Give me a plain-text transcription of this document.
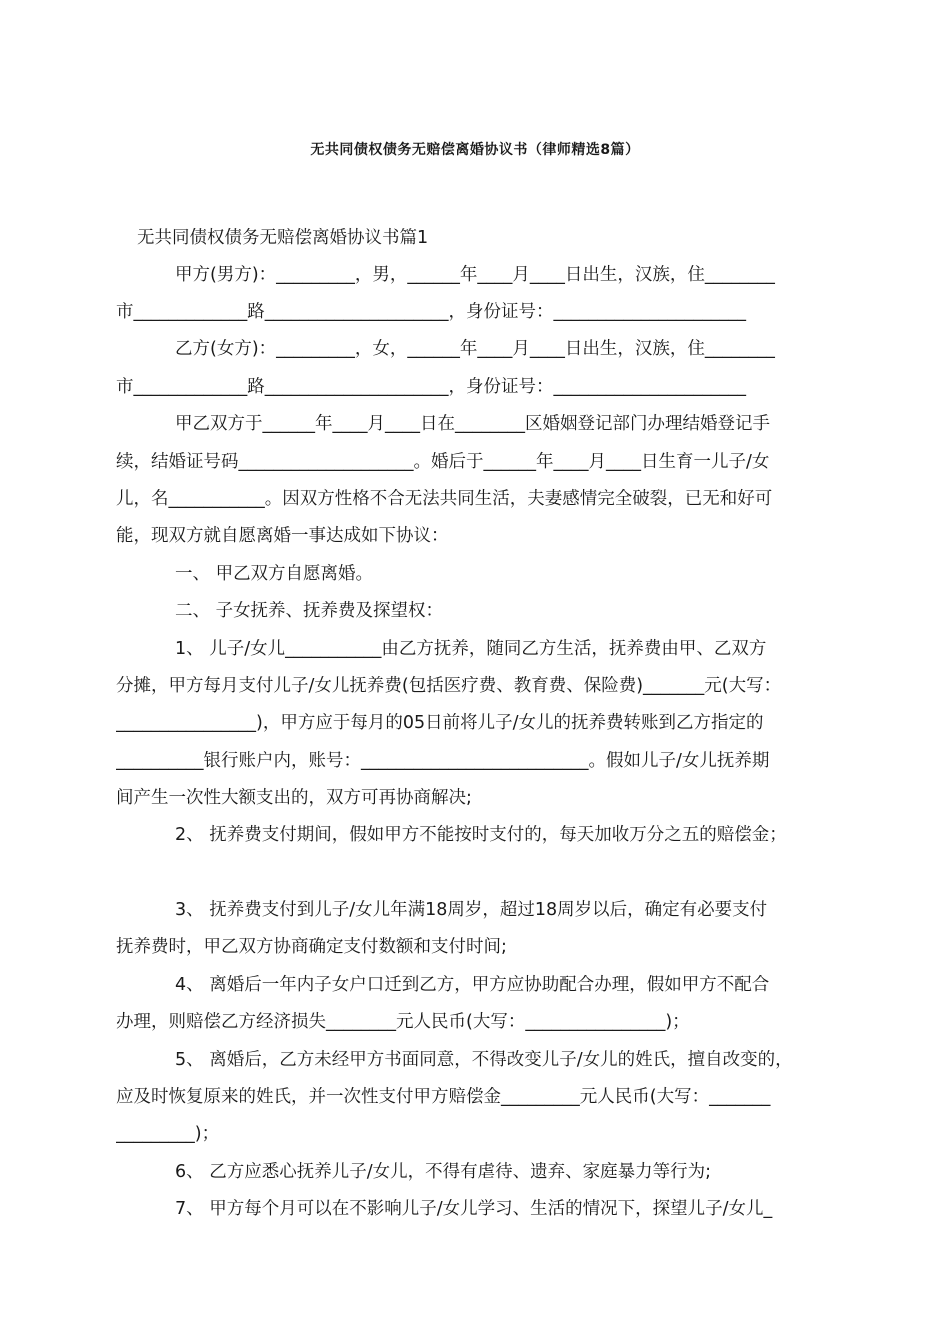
无共同债权债务无赔偿离婚协议书（律师精选8篇）
无共同债权债务无赔偿离婚协议书篇1
甲方(男方)：_________，男，______年____月____日出生，汉族，住________
市_____________路_____________________，身份证号：______________________
乙方(女方)：_________，女，______年____月____日出生，汉族，住________
市_____________路_____________________，身份证号：______________________
甲乙双方于______年____月____日在________区婚姻登记部门办理结婚登记手
续，结婚证号码____________________。婚后于______年____月____日生育一儿子/女
儿，名___________。因双方性格不合无法共同生活，夫妻感情完全破裂，已无和好可
能，现双方就自愿离婚一事达成如下协议：
一、 甲乙双方自愿离婚。
二、 子女抚养、抚养费及探望权：
1、 儿子/女儿___________由乙方抚养，随同乙方生活，抚养费由甲、乙双方
分摊，甲方每月支付儿子/女儿抚养费(包括医疗费、教育费、保险费)_______元(大写：
________________)，甲方应于每月的05日前将儿子/女儿的抚养费转账到乙方指定的
__________银行账户内，账号：__________________________。假如儿子/女儿抚养期
间产生一次性大额支出的，双方可再协商解决;
2、 抚养费支付期间，假如甲方不能按时支付的，每天加收万分之五的赔偿金；
3、 抚养费支付到儿子/女儿年满18周岁，超过18周岁以后，确定有必要支付
抚养费时，甲乙双方协商确定支付数额和支付时间;
4、 离婚后一年内子女户口迁到乙方，甲方应协助配合办理，假如甲方不配合
办理，则赔偿乙方经济损失________元人民币(大写：________________)；
5、 离婚后，乙方未经甲方书面同意，不得改变儿子/女儿的姓氏，擅自改变的，
应及时恢复原来的姓氏，并一次性支付甲方赔偿金_________元人民币(大写：_______
_________)；
6、 乙方应悉心抚养儿子/女儿，不得有虐待、遗弃、家庭暴力等行为;
7、 甲方每个月可以在不影响儿子/女儿学习、生活的情况下，探望儿子/女儿_
